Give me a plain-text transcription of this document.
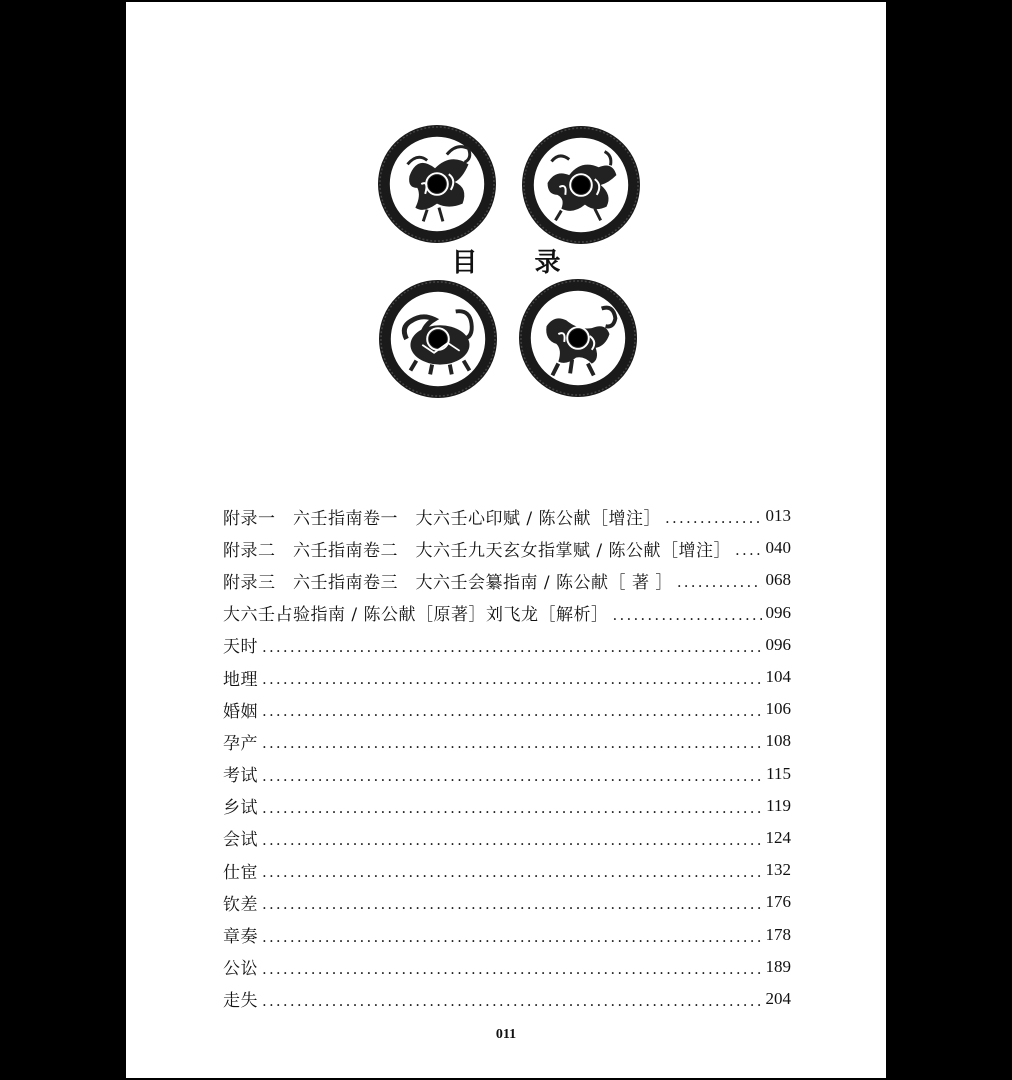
目 录
附录一　六壬指南卷一　大六壬心印赋 / 陈公献［增注］ .....	013
附录二　六壬指南卷二　大六壬九天玄女指掌赋 / 陈公献［增注］ ..... 040
附录三　六壬指南卷三　大六壬会纂指南 / 陈公献［ 著 ］ .....	068
大六壬占验指南 / 陈公献［原著］刘飞龙［解析］ .....	096
天时 .....	096
地理 .....	104
婚姻 .....	106
孕产 .....	108
考试 .....	115
乡试 .....	119
会试 .....	124
仕宦 .....	132
钦差 .....	176
章奏 .....	178
公讼 .....	189
走失 .....	204
011
